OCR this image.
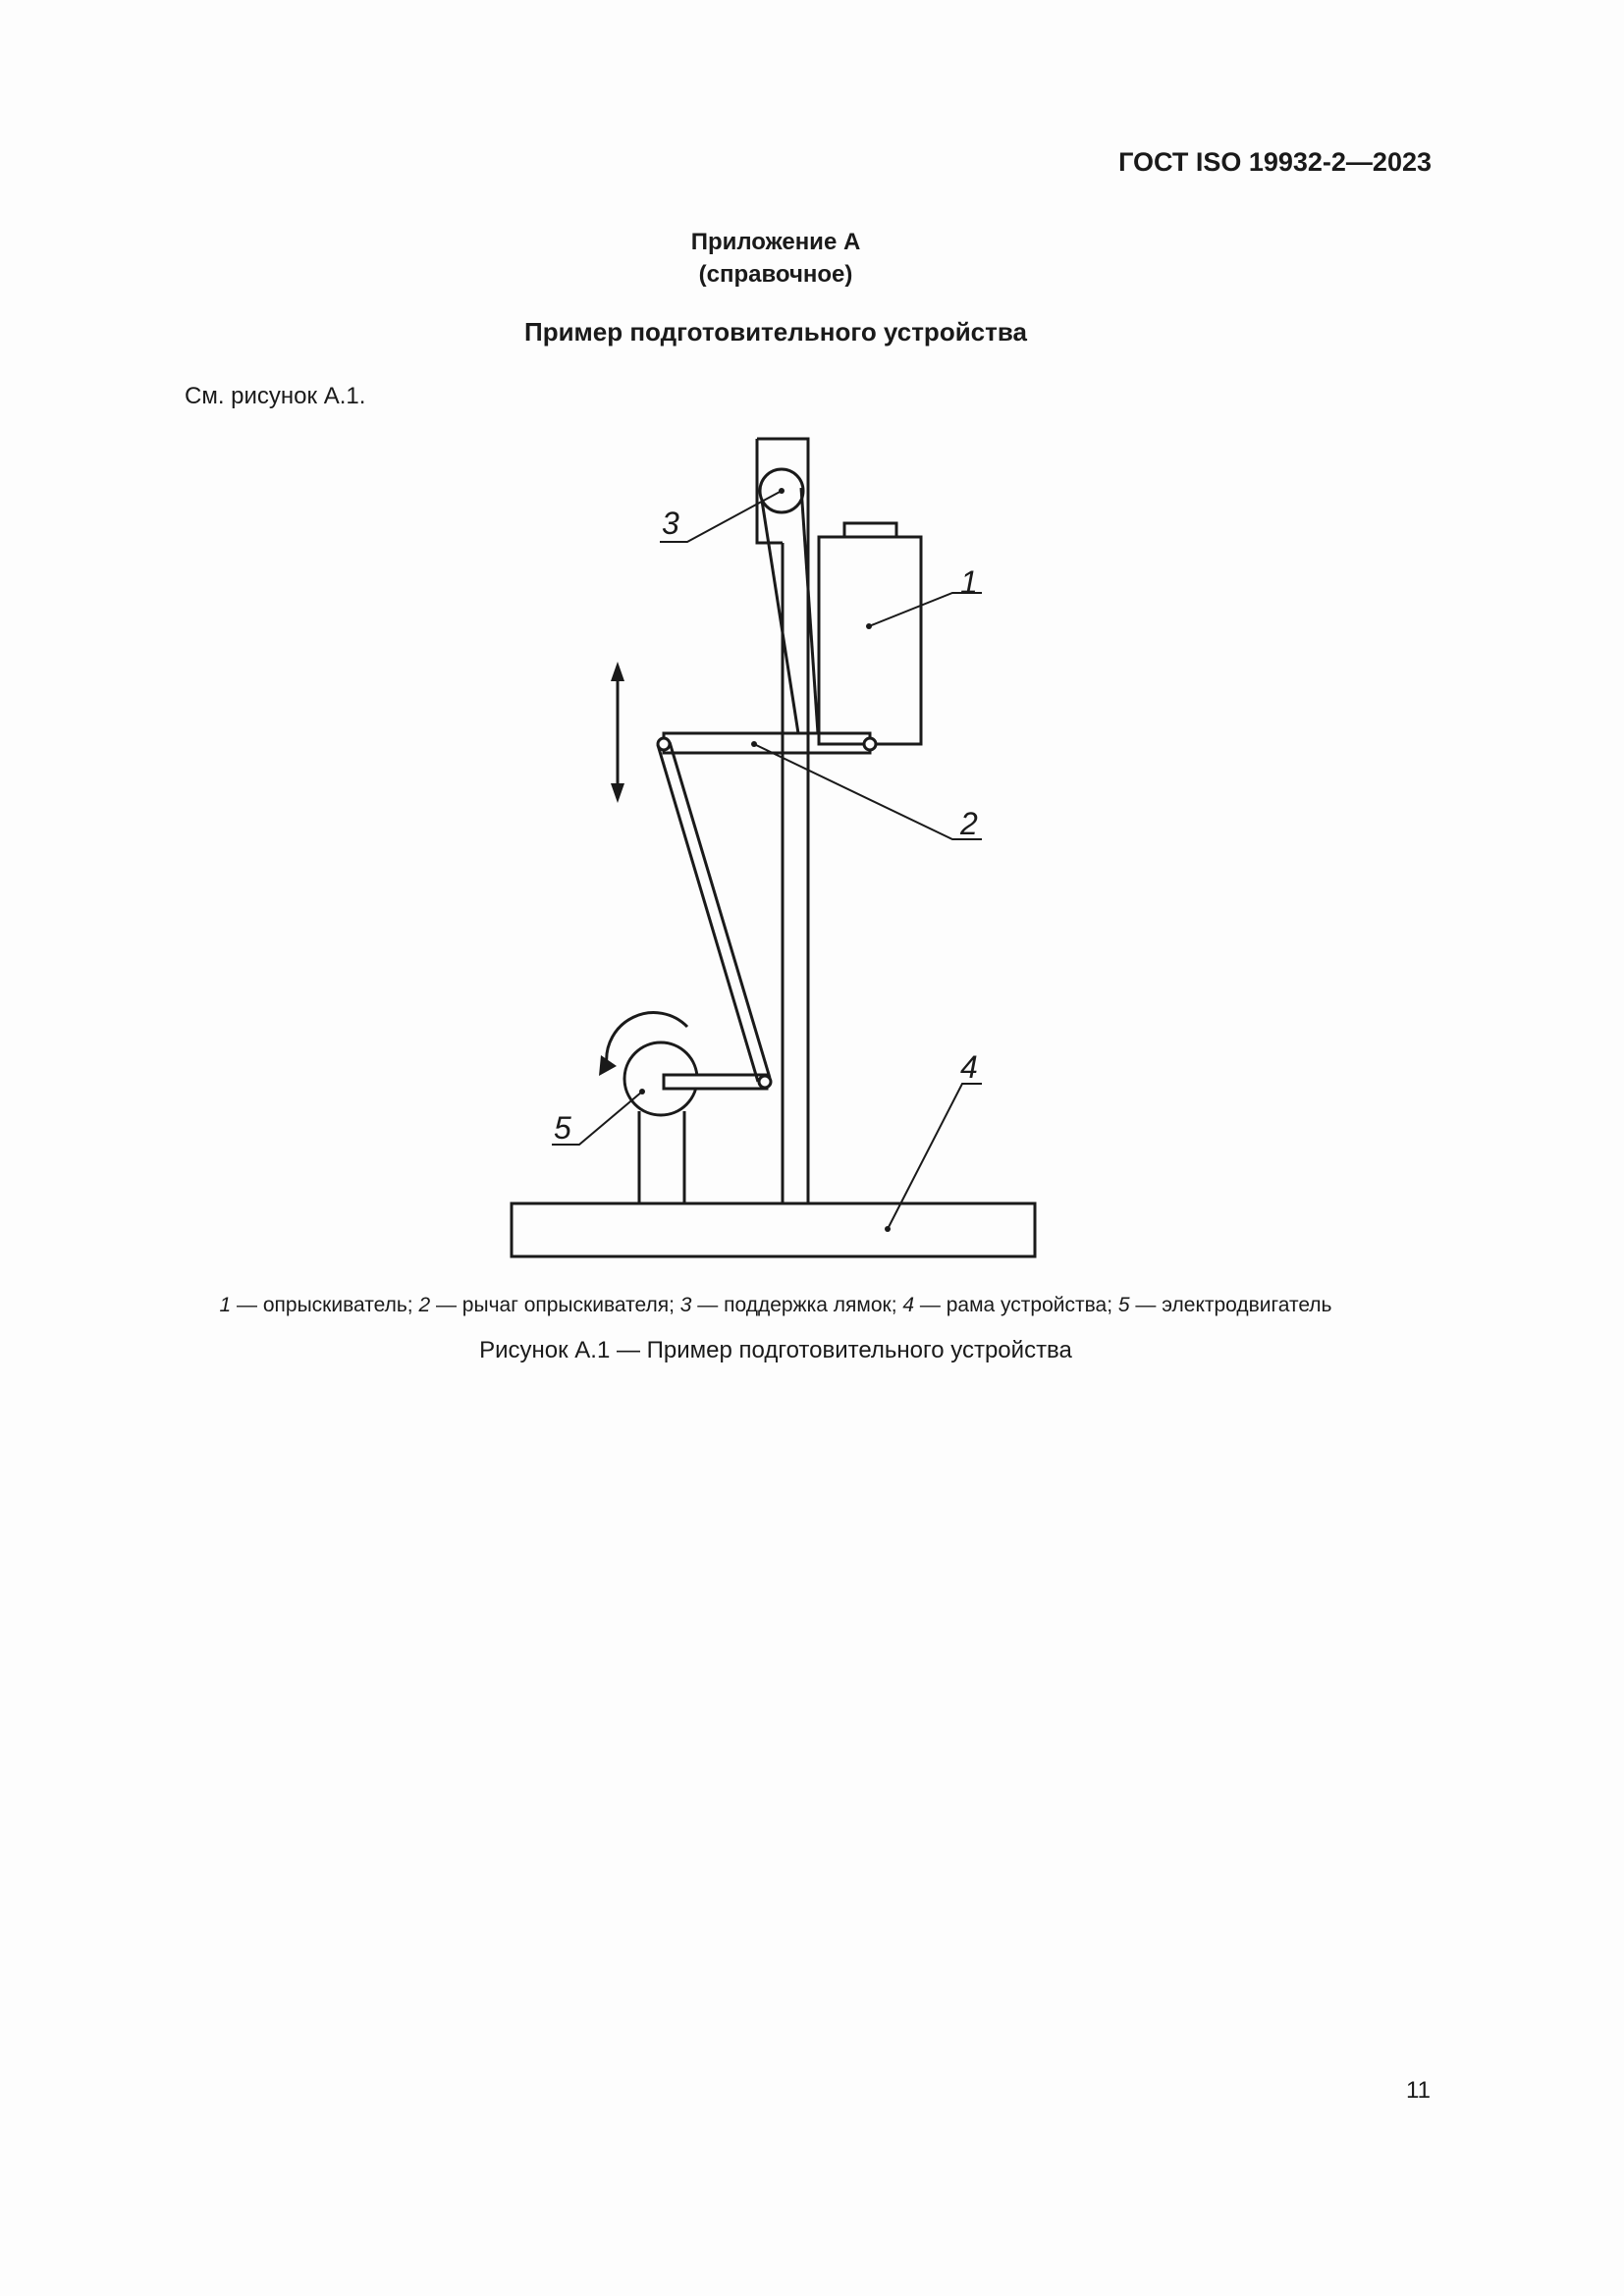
ГОСТ ISO 19932-2—2023
Приложение А
(справочное)
Пример подготовительного устройства
См. рисунок А.1.
3
1
2
4
5
1 — опрыскиватель; 2 — рычаг опрыскивателя; 3 — поддержка лямок; 4 — рама устройства; 5 — электродвигатель
Рисунок А.1 — Пример подготовительного устройства
11
